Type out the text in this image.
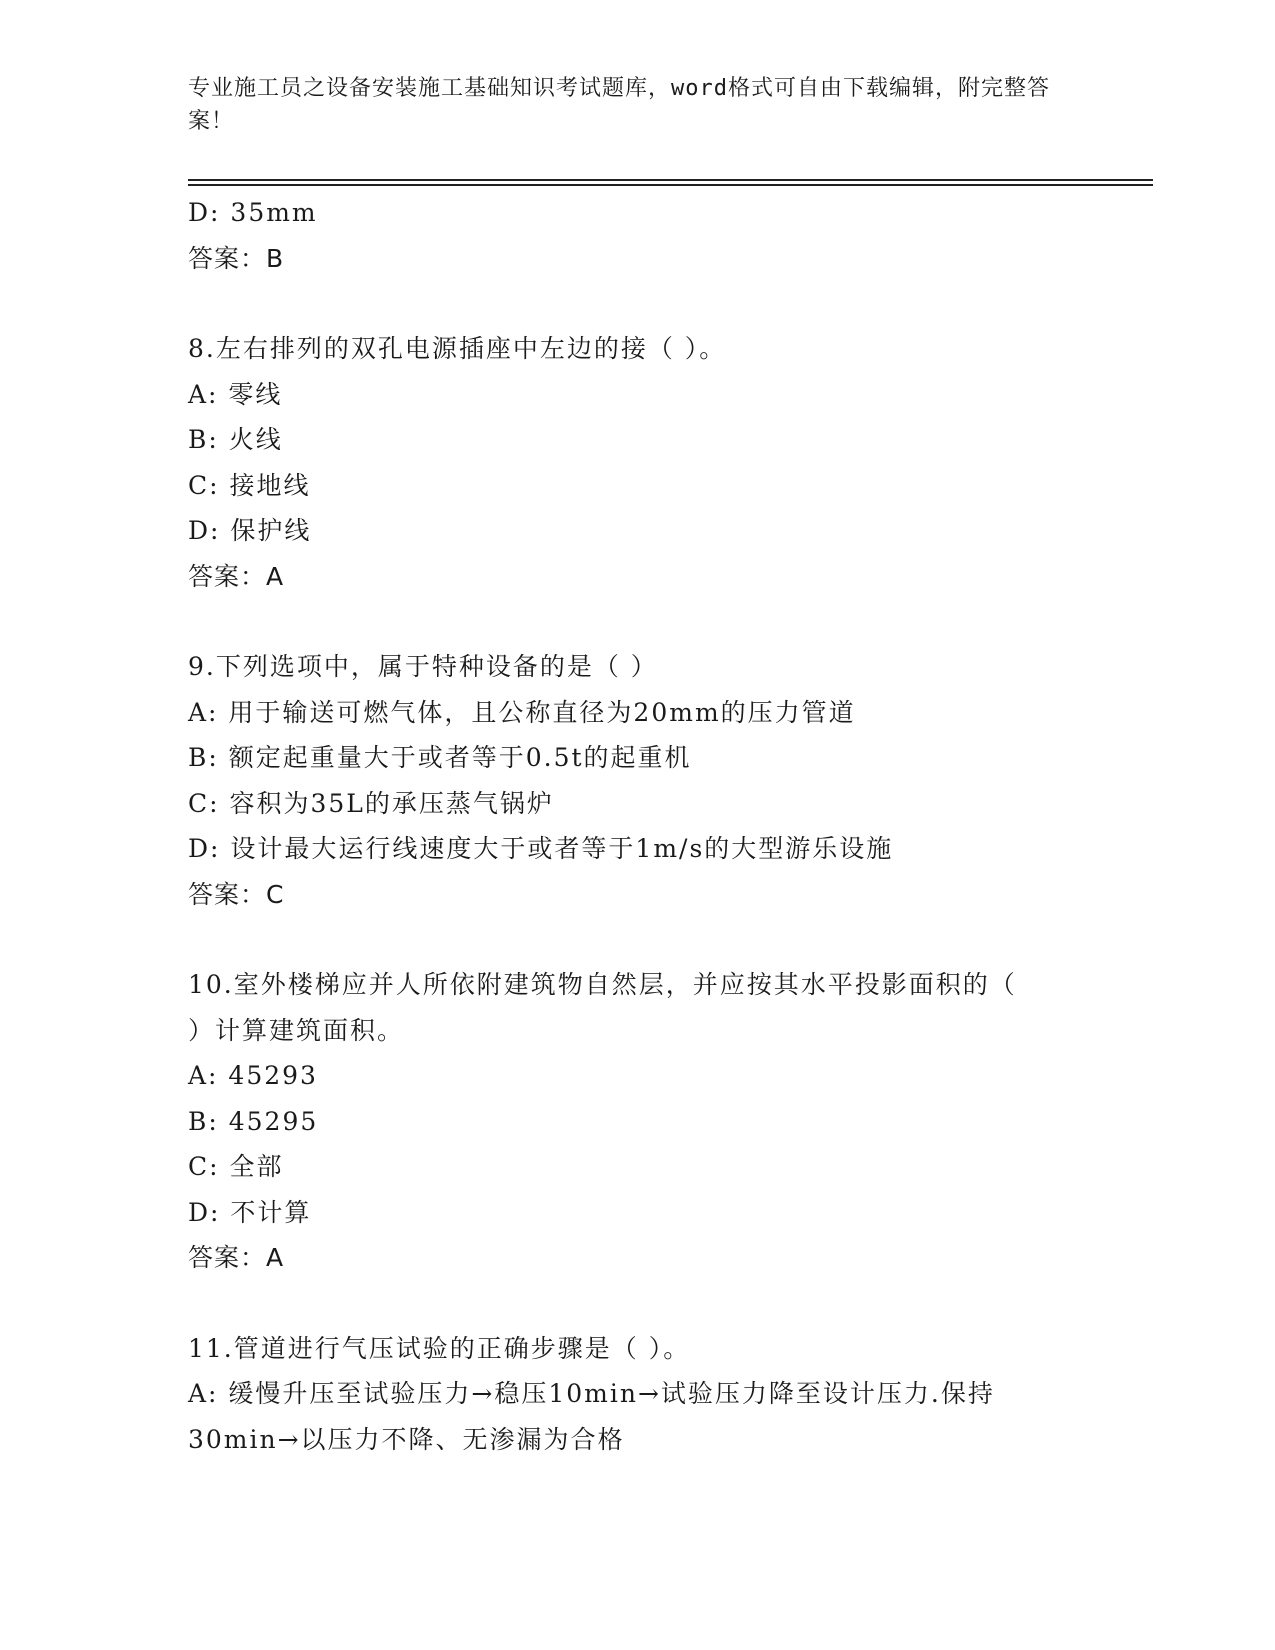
专业施工员之设备安装施工基础知识考试题库，word格式可自由下载编辑，附完整答案！
D: 35mm
答案：B
8.左右排列的双孔电源插座中左边的接（ ）。
A: 零线
B: 火线
C: 接地线
D: 保护线
答案：A
9.下列选项中，属于特种设备的是（ ）
A: 用于输送可燃气体，且公称直径为20mm的压力管道
B: 额定起重量大于或者等于0.5t的起重机
C: 容积为35L的承压蒸气锅炉
D: 设计最大运行线速度大于或者等于1m/s的大型游乐设施
答案：C
10.室外楼梯应并人所依附建筑物自然层，并应按其水平投影面积的（
）计算建筑面积。
A: 45293
B: 45295
C: 全部
D: 不计算
答案：A
11.管道进行气压试验的正确步骤是（ ）。
A: 缓慢升压至试验压力→稳压10min→试验压力降至设计压力.保持
30min→以压力不降、无渗漏为合格
